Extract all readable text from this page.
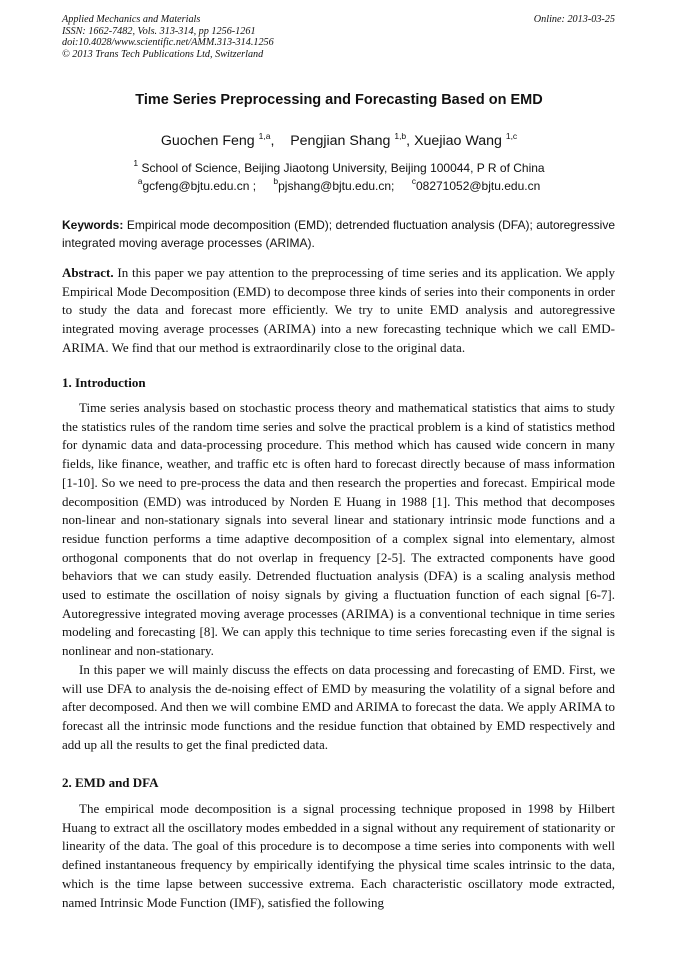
Applied Mechanics and Materials
ISSN: 1662-7482, Vols. 313-314, pp 1256-1261
doi:10.4028/www.scientific.net/AMM.313-314.1256
© 2013 Trans Tech Publications Ltd, Switzerland
Online: 2013-03-25
Time Series Preprocessing and Forecasting Based on EMD
Guochen Feng $^{1,a}$, Pengjian Shang $^{1,b}$, Xuejiao Wang $^{1,c}$
$^1$ School of Science, Beijing Jiaotong University, Beijing 100044, P R of China
$^a$gcfeng@bjtu.edu.cn ; $^b$pjshang@bjtu.edu.cn; $^c$08271052@bjtu.edu.cn
Keywords: Empirical mode decomposition (EMD); detrended fluctuation analysis (DFA); autoregressive integrated moving average processes (ARIMA).
Abstract. In this paper we pay attention to the preprocessing of time series and its application. We apply Empirical Mode Decomposition (EMD) to decompose three kinds of series into their components in order to study the data and forecast more efficiently. We try to unite EMD analysis and autoregressive integrated moving average processes (ARIMA) into a new forecasting technique which we call EMD-ARIMA. We find that our method is extraordinarily close to the original data.
1. Introduction

Time series analysis based on stochastic process theory and mathematical statistics that aims to study the statistics rules of the random time series and solve the practical problem is a kind of statistics method for dynamic data and data-processing procedure. This method which has caused wide concern in many fields, like finance, weather, and traffic etc is often hard to forecast directly because of mass information [1-10]. So we need to pre-process the data and then research the properties and forecast. Empirical mode decomposition (EMD) was introduced by Norden E Huang in 1988 [1]. This method that decomposes non-linear and non-stationary signals into several linear and stationary intrinsic mode functions and a residue function performs a time adaptive decomposition of a complex signal into elementary, almost orthogonal components that do not overlap in frequency [2-5]. The extracted components have good behaviors that we can study easily. Detrended fluctuation analysis (DFA) is a scaling analysis method used to estimate the oscillation of noisy signals by giving a fluctuation function of each signal [6-7]. Autoregressive integrated moving average processes (ARIMA) is a conventional technique in time series modeling and forecasting [8]. We can apply this technique to time series forecasting even if the signal is nonlinear and non-stationary.

In this paper we will mainly discuss the effects on data processing and forecasting of EMD. First, we will use DFA to analysis the de-noising effect of EMD by measuring the volatility of a signal before and after decomposed. And then we will combine EMD and ARIMA to forecast the data. We apply ARIMA to forecast all the intrinsic mode functions and the residue function that obtained by EMD respectively and add up all the results to get the final predicted data.

2. EMD and DFA

The empirical mode decomposition is a signal processing technique proposed in 1998 by Hilbert Huang to extract all the oscillatory modes embedded in a signal without any requirement of stationarity or linearity of the data. The goal of this procedure is to decompose a time series into components with well defined instantaneous frequency by empirically identifying the physical time scales intrinsic to the data, which is the time lapse between successive extrema. Each characteristic oscillatory mode extracted, named Intrinsic Mode Function (IMF), satisfied the following
